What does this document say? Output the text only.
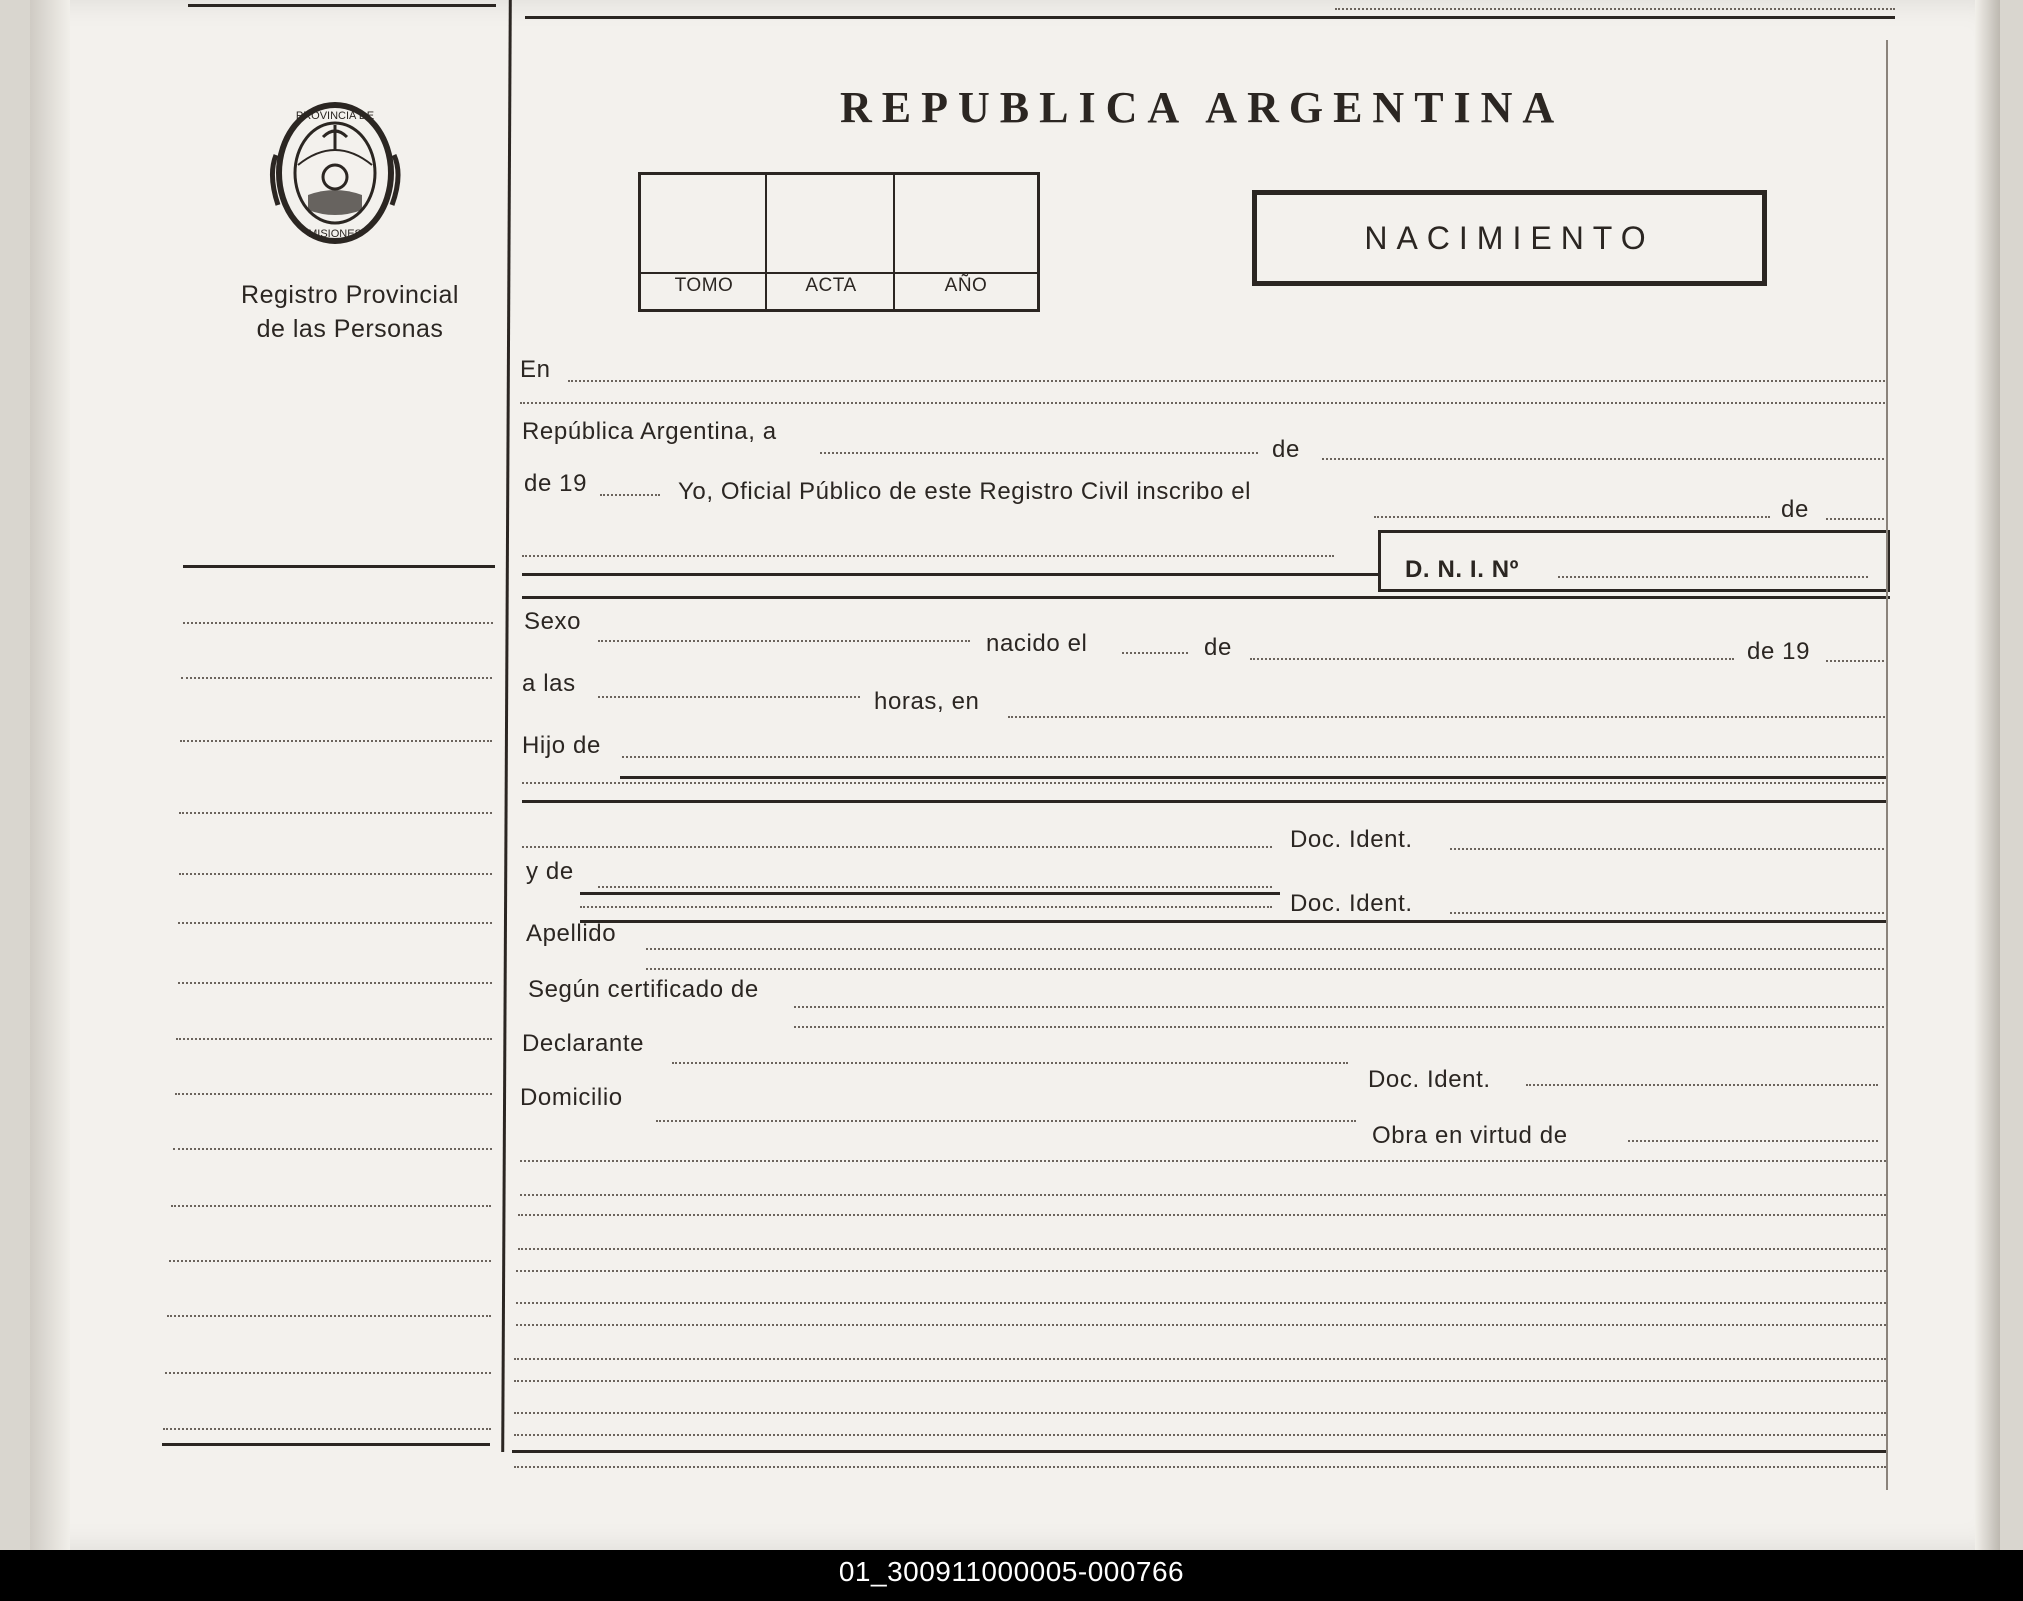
PROVINCIA DE
MISIONES
Registro Provincial
de las Personas
REPUBLICA ARGENTINA
TOMO	ACTA	AÑO
NACIMIENTO
En
República Argentina, a
de
de 19	Yo, Oficial Público de este Registro Civil inscribo el
de
D. N. I. Nº
Sexo
nacido el	de	de 19
a las
horas, en
Hijo de
Doc. Ident.
y de
Doc. Ident.
Apellido
Según certificado de
Declarante
Doc. Ident.
Domicilio
Obra en virtud de
01_300911000005-000766
